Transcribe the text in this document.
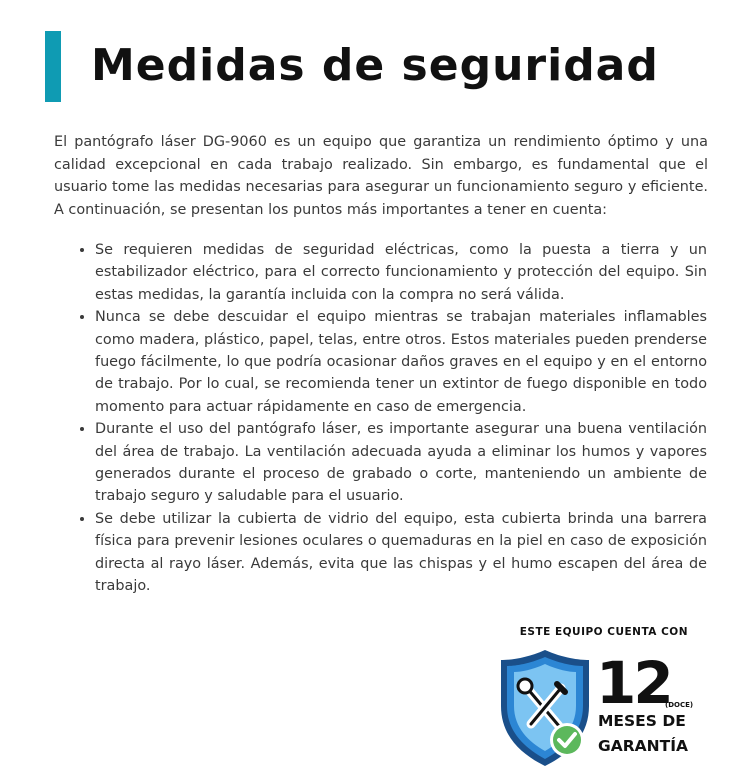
Medidas de seguridad

El pantógrafo láser DG-9060 es un equipo que garantiza un rendimiento óptimo y una calidad excepcional en cada trabajo realizado. Sin embargo, es fundamental que el usuario tome las medidas necesarias para asegurar un funcionamiento seguro y eficiente. A continuación, se presentan los puntos más importantes a tener en cuenta:

• Se requieren medidas de seguridad eléctricas, como la puesta a tierra y un estabilizador eléctrico, para el correcto funcionamiento y protección del equipo. Sin estas medidas, la garantía incluida con la compra no será válida.
• Nunca se debe descuidar el equipo mientras se trabajan materiales inflamables como madera, plástico, papel, telas, entre otros. Estos materiales pueden prenderse fuego fácilmente, lo que podría ocasionar daños graves en el equipo y en el entorno de trabajo. Por lo cual, se recomienda tener un extintor de fuego disponible en todo momento para actuar rápidamente en caso de emergencia.
• Durante el uso del pantógrafo láser, es importante asegurar una buena ventilación del área de trabajo. La ventilación adecuada ayuda a eliminar los humos y vapores generados durante el proceso de grabado o corte, manteniendo un ambiente de trabajo seguro y saludable para el usuario.
• Se debe utilizar la cubierta de vidrio del equipo, esta cubierta brinda una barrera física para prevenir lesiones oculares o quemaduras en la piel en caso de exposición directa al rayo láser. Además, evita que las chispas y el humo escapen del área de trabajo.

ESTE EQUIPO CUENTA CON

12
(DOCE)
MESES DE
GARANTÍA
